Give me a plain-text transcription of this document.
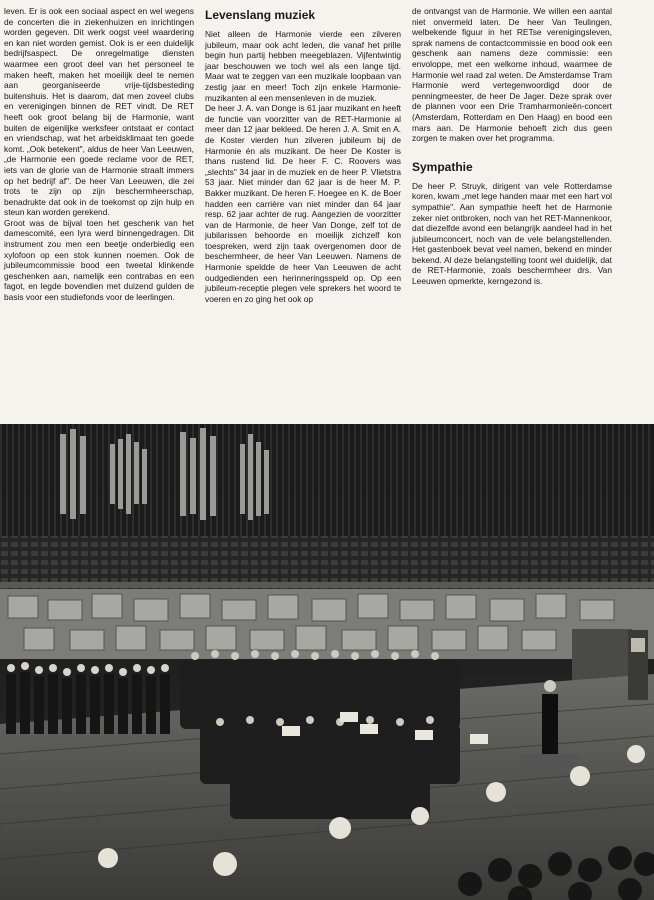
leven. Er is ook een sociaal aspect en wel wegens de concerten die in ziekenhuizen en inrichtingen worden gegeven. Dit werk oogst veel waardering en kan niet worden gemist. Ook is er een duidelijk bedrijfsaspect. De onregelmatige diensten waarmee een groot deel van het personeel te maken heeft, maken het moeilijk deel te nemen aan georganiseerde vrije-tijdsbesteding buitenshuis. Het is daarom, dat men zoveel clubs en verenigingen binnen de RET vindt. De RET heeft ook groot belang bij de Harmonie, want buiten de eigenlijke werksfeer ontstaat er contact en vriendschap, wat het arbeidsklimaat ten goede komt. „Ook betekent", aldus de heer Van Leeuwen, „de Harmonie een goede reclame voor de RET, iets van de glorie van de Harmonie straalt immers op het bedrijf af". De heer Van Leeuwen, die zei trots te zijn op zijn beschermheerschap, benadrukte dat ook in de toekomst op zijn hulp en steun kan worden gerekend.

Groot was de bijval toen het geschenk van het damescomité, een lyra werd binnengedragen. Dit instrument zou men een beetje onderbiedig een xylofoon op een stok kunnen noemen. Ook de jubileumcommissie bood een tweetal klinkende geschenken aan, namelijk een contrabas en een fagot, en legde bovendien met duizend gulden de basis voor een studiefonds voor de leerlingen.

Levenslang muziek

Niet alleen de Harmonie vierde een zilveren jubileum, maar ook acht leden, die vanaf het prille begin hun partij hebben meegeblazen. Vijfentwintig jaar beschouwen we toch wel als een lange tijd. Maar wat te zeggen van een muzikale loopbaan van zestig jaar en meer! Toch zijn enkele Harmonie-muzikanten al een mensenleven in de muziek.

De heer J. A. van Donge is 61 jaar muzikant en heeft de functie van voorzitter van de RET-Harmonie al meer dan 12 jaar bekleed. De heren J. A. Smit en A. de Koster vierden hun zilveren jubileum bij de Harmonie én als muzikant. De heer De Koster is thans rustend lid. De heer F. C. Roovers was „slechts" 34 jaar in de muziek en de heer P. Vlietstra 53 jaar. Niet minder dan 62 jaar is de heer M. P. Bakker muzikant. De heren F. Hoegee en K. de Boer hadden een carrière van niet minder dan 64 jaar resp. 62 jaar achter de rug. Aangezien de voorzitter van de Harmonie, de heer Van Donge, zelf tot de jubilarissen behoorde en moeilijk zichzelf kon toespreken, werd zijn taak overgenomen door de beschermheer, de heer Van Leeuwen. Namens de Harmonie speldde de heer Van Leeuwen de acht oudgedienden een herinneringsspeld op. Op een jubileum-receptie plegen vele sprekers het woord te voeren en zo ging het ook op

de ontvangst van de Harmonie. We willen een aantal niet onvermeld laten. De heer Van Teulingen, welbekende figuur in het RETse verenigingsleven, sprak namens de contactcommissie en bood ook een geschenk aan namens deze commissie: een envoloppe, met een welkome inhoud, waarmee de Harmonie wel raad zal weten. De Amsterdamse Tram Harmonie werd vertegenwoordigd door de penningmeester, de heer De Jager. Deze sprak over de plannen voor een Drie Tramharmonieën-concert (Amsterdam, Rotterdam en Den Haag) en bood een mars aan. De Harmonie behoeft zich dus geen zorgen te maken over het programma.

Sympathie

De heer P. Struyk, dirigent van vele Rotterdamse koren, kwam „met lege handen maar met een hart vol sympathie". Aan sympathie heeft het de Harmonie zeker niet ontbroken, noch van het RET-Mannenkoor, dat diezelfde avond een belangrijk aandeel had in het jubileumconcert, noch van de vele belangstellenden. Het gastenboek bevat veel namen, bekend en minder bekend. Al deze belangstelling toont wel duidelijk, dat de RET-Harmonie, zoals beschermheer drs. Van Leeuwen opmerkte, kerngezond is.
